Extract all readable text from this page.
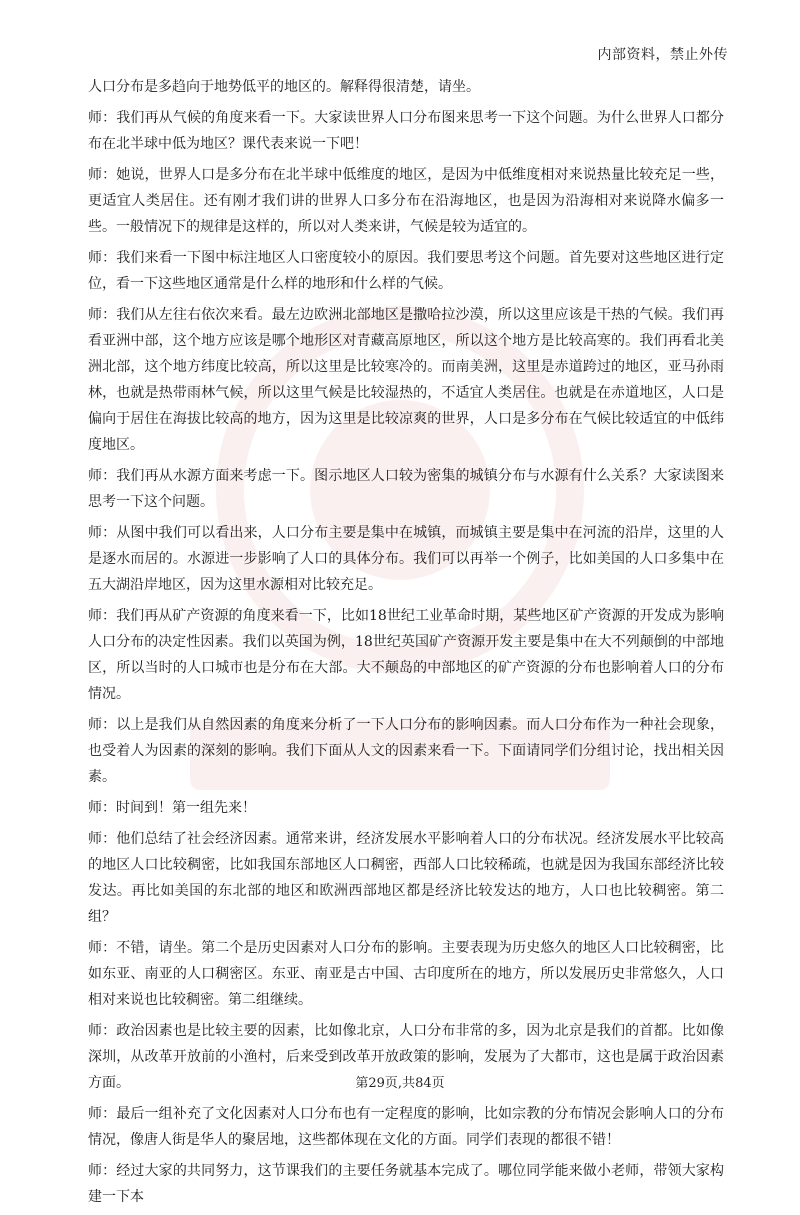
内部资料，禁止外传

人口分布是多趋向于地势低平的地区的。解释得很清楚，请坐。

师：我们再从气候的角度来看一下。大家读世界人口分布图来思考一下这个问题。为什么世界人口都分布在北半球中低为地区？课代表来说一下吧！

师：她说，世界人口是多分布在北半球中低维度的地区，是因为中低维度相对来说热量比较充足一些，更适宜人类居住。还有刚才我们讲的世界人口多分布在沿海地区，也是因为沿海相对来说降水偏多一些。一般情况下的规律是这样的，所以对人类来讲，气候是较为适宜的。

师：我们来看一下图中标注地区人口密度较小的原因。我们要思考这个问题。首先要对这些地区进行定位，看一下这些地区通常是什么样的地形和什么样的气候。

师：我们从左往右依次来看。最左边欧洲北部地区是撒哈拉沙漠，所以这里应该是干热的气候。我们再看亚洲中部，这个地方应该是哪个地形区对青藏高原地区，所以这个地方是比较高寒的。我们再看北美洲北部，这个地方纬度比较高，所以这里是比较寒冷的。而南美洲，这里是赤道跨过的地区，亚马孙雨林，也就是热带雨林气候，所以这里气候是比较湿热的，不适宜人类居住。也就是在赤道地区，人口是偏向于居住在海拔比较高的地方，因为这里是比较凉爽的世界，人口是多分布在气候比较适宜的中低纬度地区。

师：我们再从水源方面来考虑一下。图示地区人口较为密集的城镇分布与水源有什么关系？大家读图来思考一下这个问题。

师：从图中我们可以看出来，人口分布主要是集中在城镇，而城镇主要是集中在河流的沿岸，这里的人是逐水而居的。水源进一步影响了人口的具体分布。我们可以再举一个例子，比如美国的人口多集中在五大湖沿岸地区，因为这里水源相对比较充足。

师：我们再从矿产资源的角度来看一下，比如18世纪工业革命时期，某些地区矿产资源的开发成为影响人口分布的决定性因素。我们以英国为例，18世纪英国矿产资源开发主要是集中在大不列颠倒的中部地区，所以当时的人口城市也是分布在大部。大不颠岛的中部地区的矿产资源的分布也影响着人口的分布情况。

师：以上是我们从自然因素的角度来分析了一下人口分布的影响因素。而人口分布作为一种社会现象，也受着人为因素的深刻的影响。我们下面从人文的因素来看一下。下面请同学们分组讨论，找出相关因素。

师：时间到！第一组先来！

师：他们总结了社会经济因素。通常来讲，经济发展水平影响着人口的分布状况。经济发展水平比较高的地区人口比较稠密，比如我国东部地区人口稠密，西部人口比较稀疏，也就是因为我国东部经济比较发达。再比如美国的东北部的地区和欧洲西部地区都是经济比较发达的地方，人口也比较稠密。第二组？

师：不错，请坐。第二个是历史因素对人口分布的影响。主要表现为历史悠久的地区人口比较稠密，比如东亚、南亚的人口稠密区。东亚、南亚是古中国、古印度所在的地方，所以发展历史非常悠久，人口相对来说也比较稠密。第二组继续。

师：政治因素也是比较主要的因素，比如像北京，人口分布非常的多，因为北京是我们的首都。比如像深圳，从改革开放前的小渔村，后来受到改革开放政策的影响，发展为了大都市，这也是属于政治因素方面。

师：最后一组补充了文化因素对人口分布也有一定程度的影响，比如宗教的分布情况会影响人口的分布情况，像唐人街是华人的聚居地，这些都体现在文化的方面。同学们表现的都很不错！

师：经过大家的共同努力，这节课我们的主要任务就基本完成了。哪位同学能来做小老师，带领大家构建一下本

第29页,共84页
